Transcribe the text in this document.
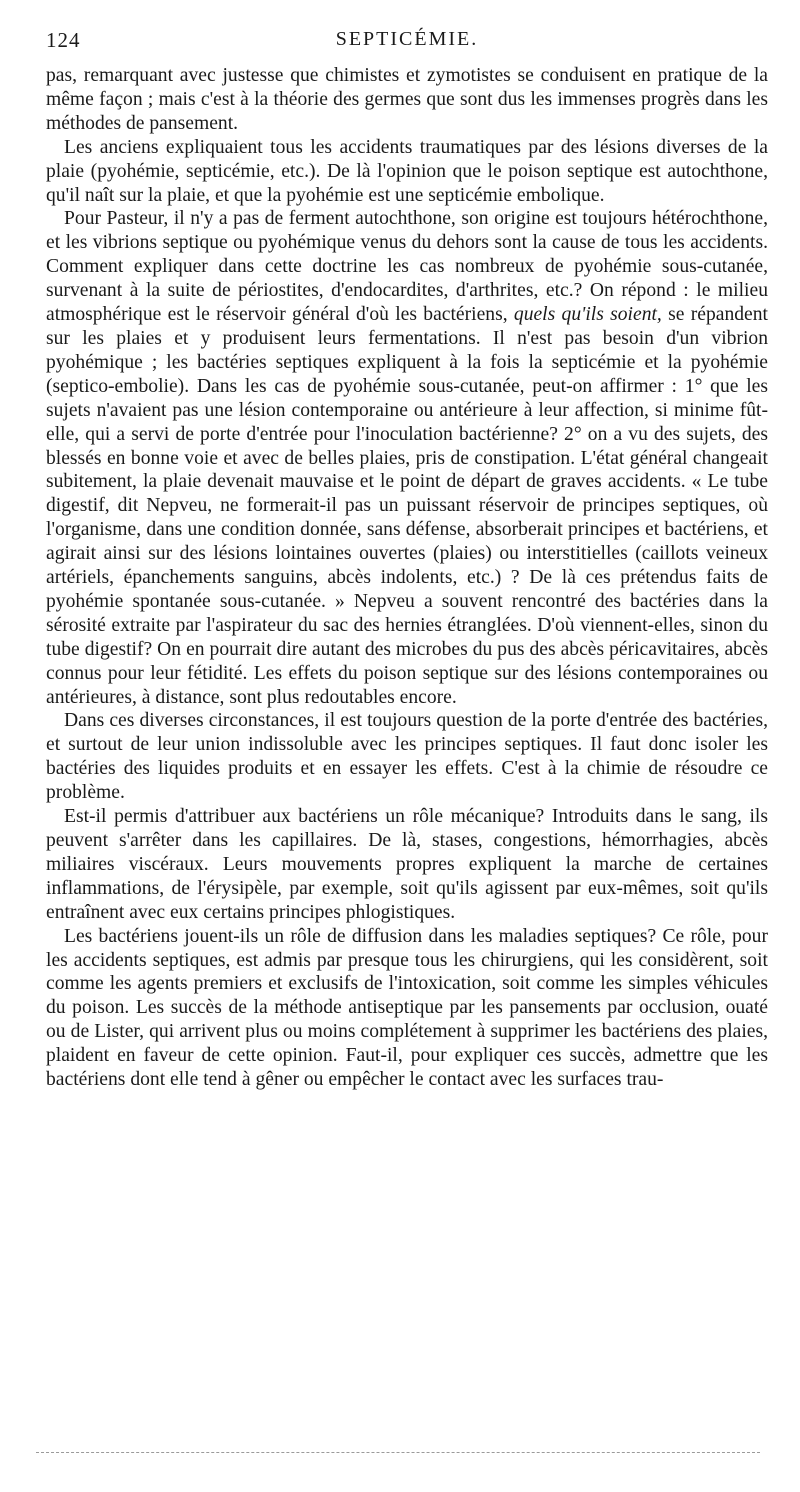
124	SEPTICÉMIE.

pas, remarquant avec justesse que chimistes et zymotistes se conduisent en pratique de la même façon ; mais c'est à la théorie des germes que sont dus les immenses progrès dans les méthodes de pansement.

Les anciens expliquaient tous les accidents traumatiques par des lésions diverses de la plaie (pyohémie, septicémie, etc.). De là l'opinion que le poison septique est autochthone, qu'il naît sur la plaie, et que la pyohémie est une septicémie embolique.

Pour Pasteur, il n'y a pas de ferment autochthone, son origine est toujours hétérochthone, et les vibrions septique ou pyohémique venus du dehors sont la cause de tous les accidents. Comment expliquer dans cette doctrine les cas nombreux de pyohémie sous-cutanée, survenant à la suite de périostites, d'endocardites, d'arthrites, etc.? On répond : le milieu atmosphérique est le réservoir général d'où les bactériens, quels qu'ils soient, se répandent sur les plaies et y produisent leurs fermentations. Il n'est pas besoin d'un vibrion pyohémique ; les bactéries septiques expliquent à la fois la septicémie et la pyohémie (septico-embolie). Dans les cas de pyohémie sous-cutanée, peut-on affirmer : 1° que les sujets n'avaient pas une lésion contemporaine ou antérieure à leur affection, si minime fût-elle, qui a servi de porte d'entrée pour l'inoculation bactérienne? 2° on a vu des sujets, des blessés en bonne voie et avec de belles plaies, pris de constipation. L'état général changeait subitement, la plaie devenait mauvaise et le point de départ de graves accidents. « Le tube digestif, dit Nepveu, ne formerait-il pas un puissant réservoir de principes septiques, où l'organisme, dans une condition donnée, sans défense, absorberait principes et bactériens, et agirait ainsi sur des lésions lointaines ouvertes (plaies) ou interstitielles (caillots veineux artériels, épanchements sanguins, abcès indolents, etc.) ? De là ces prétendus faits de pyohémie spontanée sous-cutanée. » Nepveu a souvent rencontré des bactéries dans la sérosité extraite par l'aspirateur du sac des hernies étranglées. D'où viennent-elles, sinon du tube digestif? On en pourrait dire autant des microbes du pus des abcès péricavitaires, abcès connus pour leur fétidité. Les effets du poison septique sur des lésions contemporaines ou antérieures, à distance, sont plus redoutables encore.

Dans ces diverses circonstances, il est toujours question de la porte d'entrée des bactéries, et surtout de leur union indissoluble avec les principes septiques. Il faut donc isoler les bactéries des liquides produits et en essayer les effets. C'est à la chimie de résoudre ce problème.

Est-il permis d'attribuer aux bactériens un rôle mécanique? Introduits dans le sang, ils peuvent s'arrêter dans les capillaires. De là, stases, congestions, hémorrhagies, abcès miliaires viscéraux. Leurs mouvements propres expliquent la marche de certaines inflammations, de l'érysipèle, par exemple, soit qu'ils agissent par eux-mêmes, soit qu'ils entraînent avec eux certains principes phlogistiques.

Les bactériens jouent-ils un rôle de diffusion dans les maladies septiques? Ce rôle, pour les accidents septiques, est admis par presque tous les chirurgiens, qui les considèrent, soit comme les agents premiers et exclusifs de l'intoxication, soit comme les simples véhicules du poison. Les succès de la méthode antiseptique par les pansements par occlusion, ouaté ou de Lister, qui arrivent plus ou moins complétement à supprimer les bactériens des plaies, plaident en faveur de cette opinion. Faut-il, pour expliquer ces succès, admettre que les bactériens dont elle tend à gêner ou empêcher le contact avec les surfaces trau-
